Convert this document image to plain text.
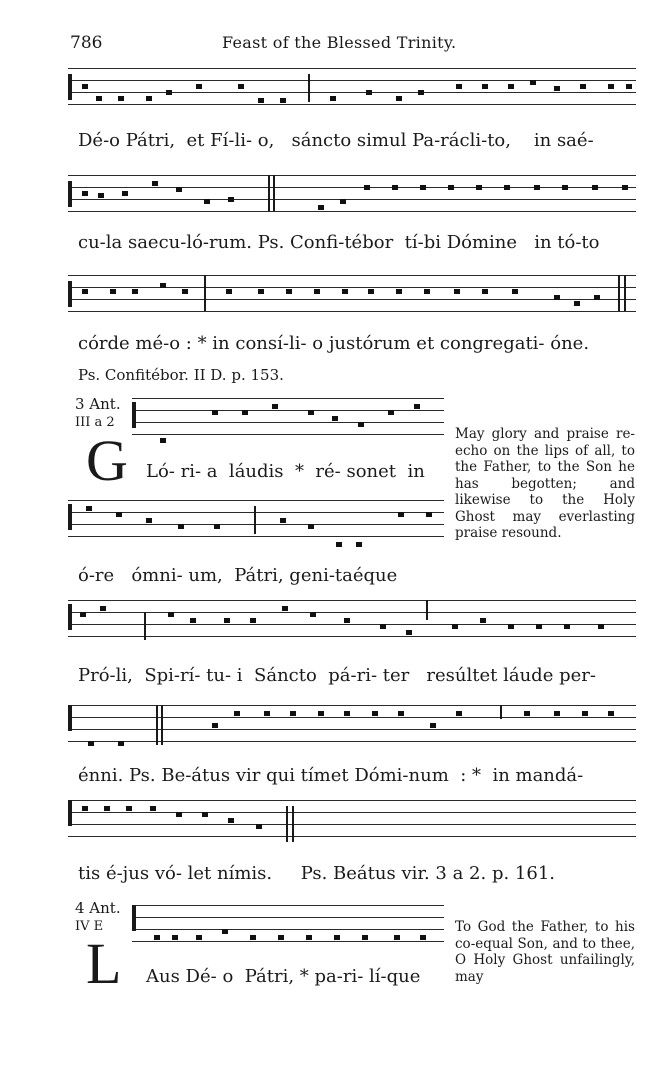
786	Feast of the Blessed Trinity.
Dé-o Pátri,  et Fí-li- o,   sáncto simul Pa-rácli-to,    in saé-
cu-la saecu-ló-rum. Ps. Confi-tébor  tí-bi Dómine   in tó-to
córde mé-o : * in consí-li- o justórum et congregati- óne.
Ps. Confitébor. II D. p. 153.
3 Ant.
III a 2
G Ló- ri- a  láudis  *  ré- sonet  in
May glory and praise re-echo on the lips of all, to the Father, to the Son he has begotten; and likewise to the Holy Ghost may everlasting praise resound.
ó-re   ómni- um,  Pátri, geni-taéque
Pró-li,  Spi-rí- tu- i  Sáncto  pá-ri- ter   resúltet láude per-
énni. Ps. Be-átus vir qui tímet Dómi-num  : *  in mandá-
tis é-jus vó- let nímis.     Ps. Beátus vir. 3 a 2. p. 161.
4 Ant.
IV E
L Aus Dé- o  Pátri, * pa-ri- lí-que
To God the Father, to his co-equal Son, and to thee, O Holy Ghost unfailingly, may
